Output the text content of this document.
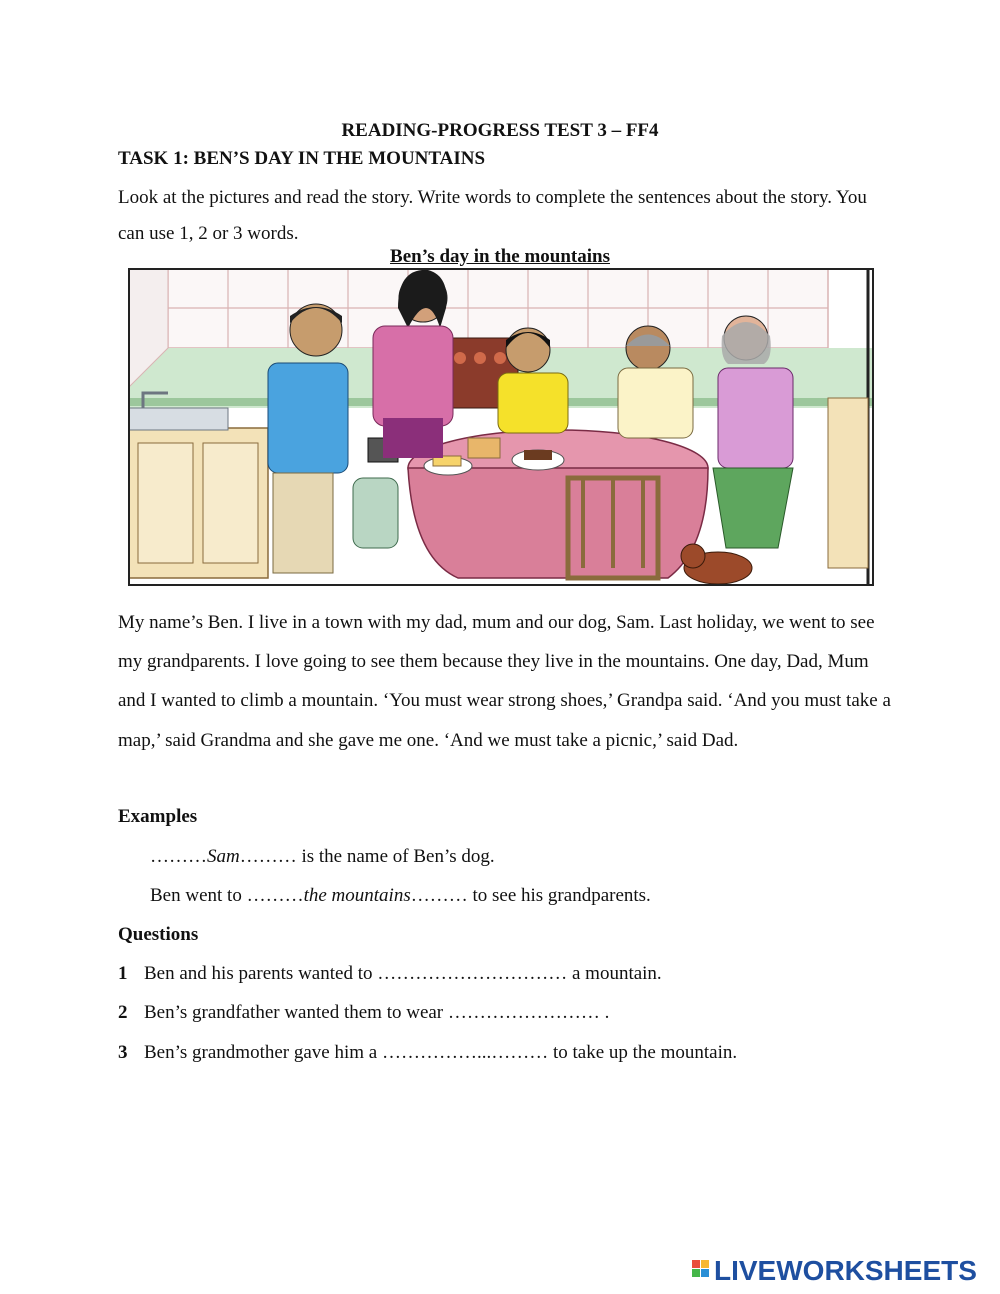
READING-PROGRESS TEST 3 – FF4
TASK 1: BEN’S DAY IN THE MOUNTAINS
Look at the pictures and read the story. Write words to complete the sentences about the story. You can use 1, 2 or 3 words.
Ben’s day in the mountains
My name’s Ben. I live in a town with my dad, mum and our dog, Sam. Last holiday, we went to see my grandparents. I love going to see them because they live in the mountains. One day, Dad, Mum and I wanted to climb a mountain. ‘You must wear strong shoes,’ Grandpa said. ‘And you must take a map,’ said Grandma and she gave me one. ‘And we must take a picnic,’ said Dad.
Examples
………Sam……… is the name of Ben’s dog.
Ben went to ………the mountains……… to see his grandparents.
Questions
1 Ben and his parents wanted to ………………………… a mountain.
2 Ben’s grandfather wanted them to wear …………………… .
3 Ben’s grandmother gave him a ……………...……… to take up the mountain.
LIVEWORKSHEETS
